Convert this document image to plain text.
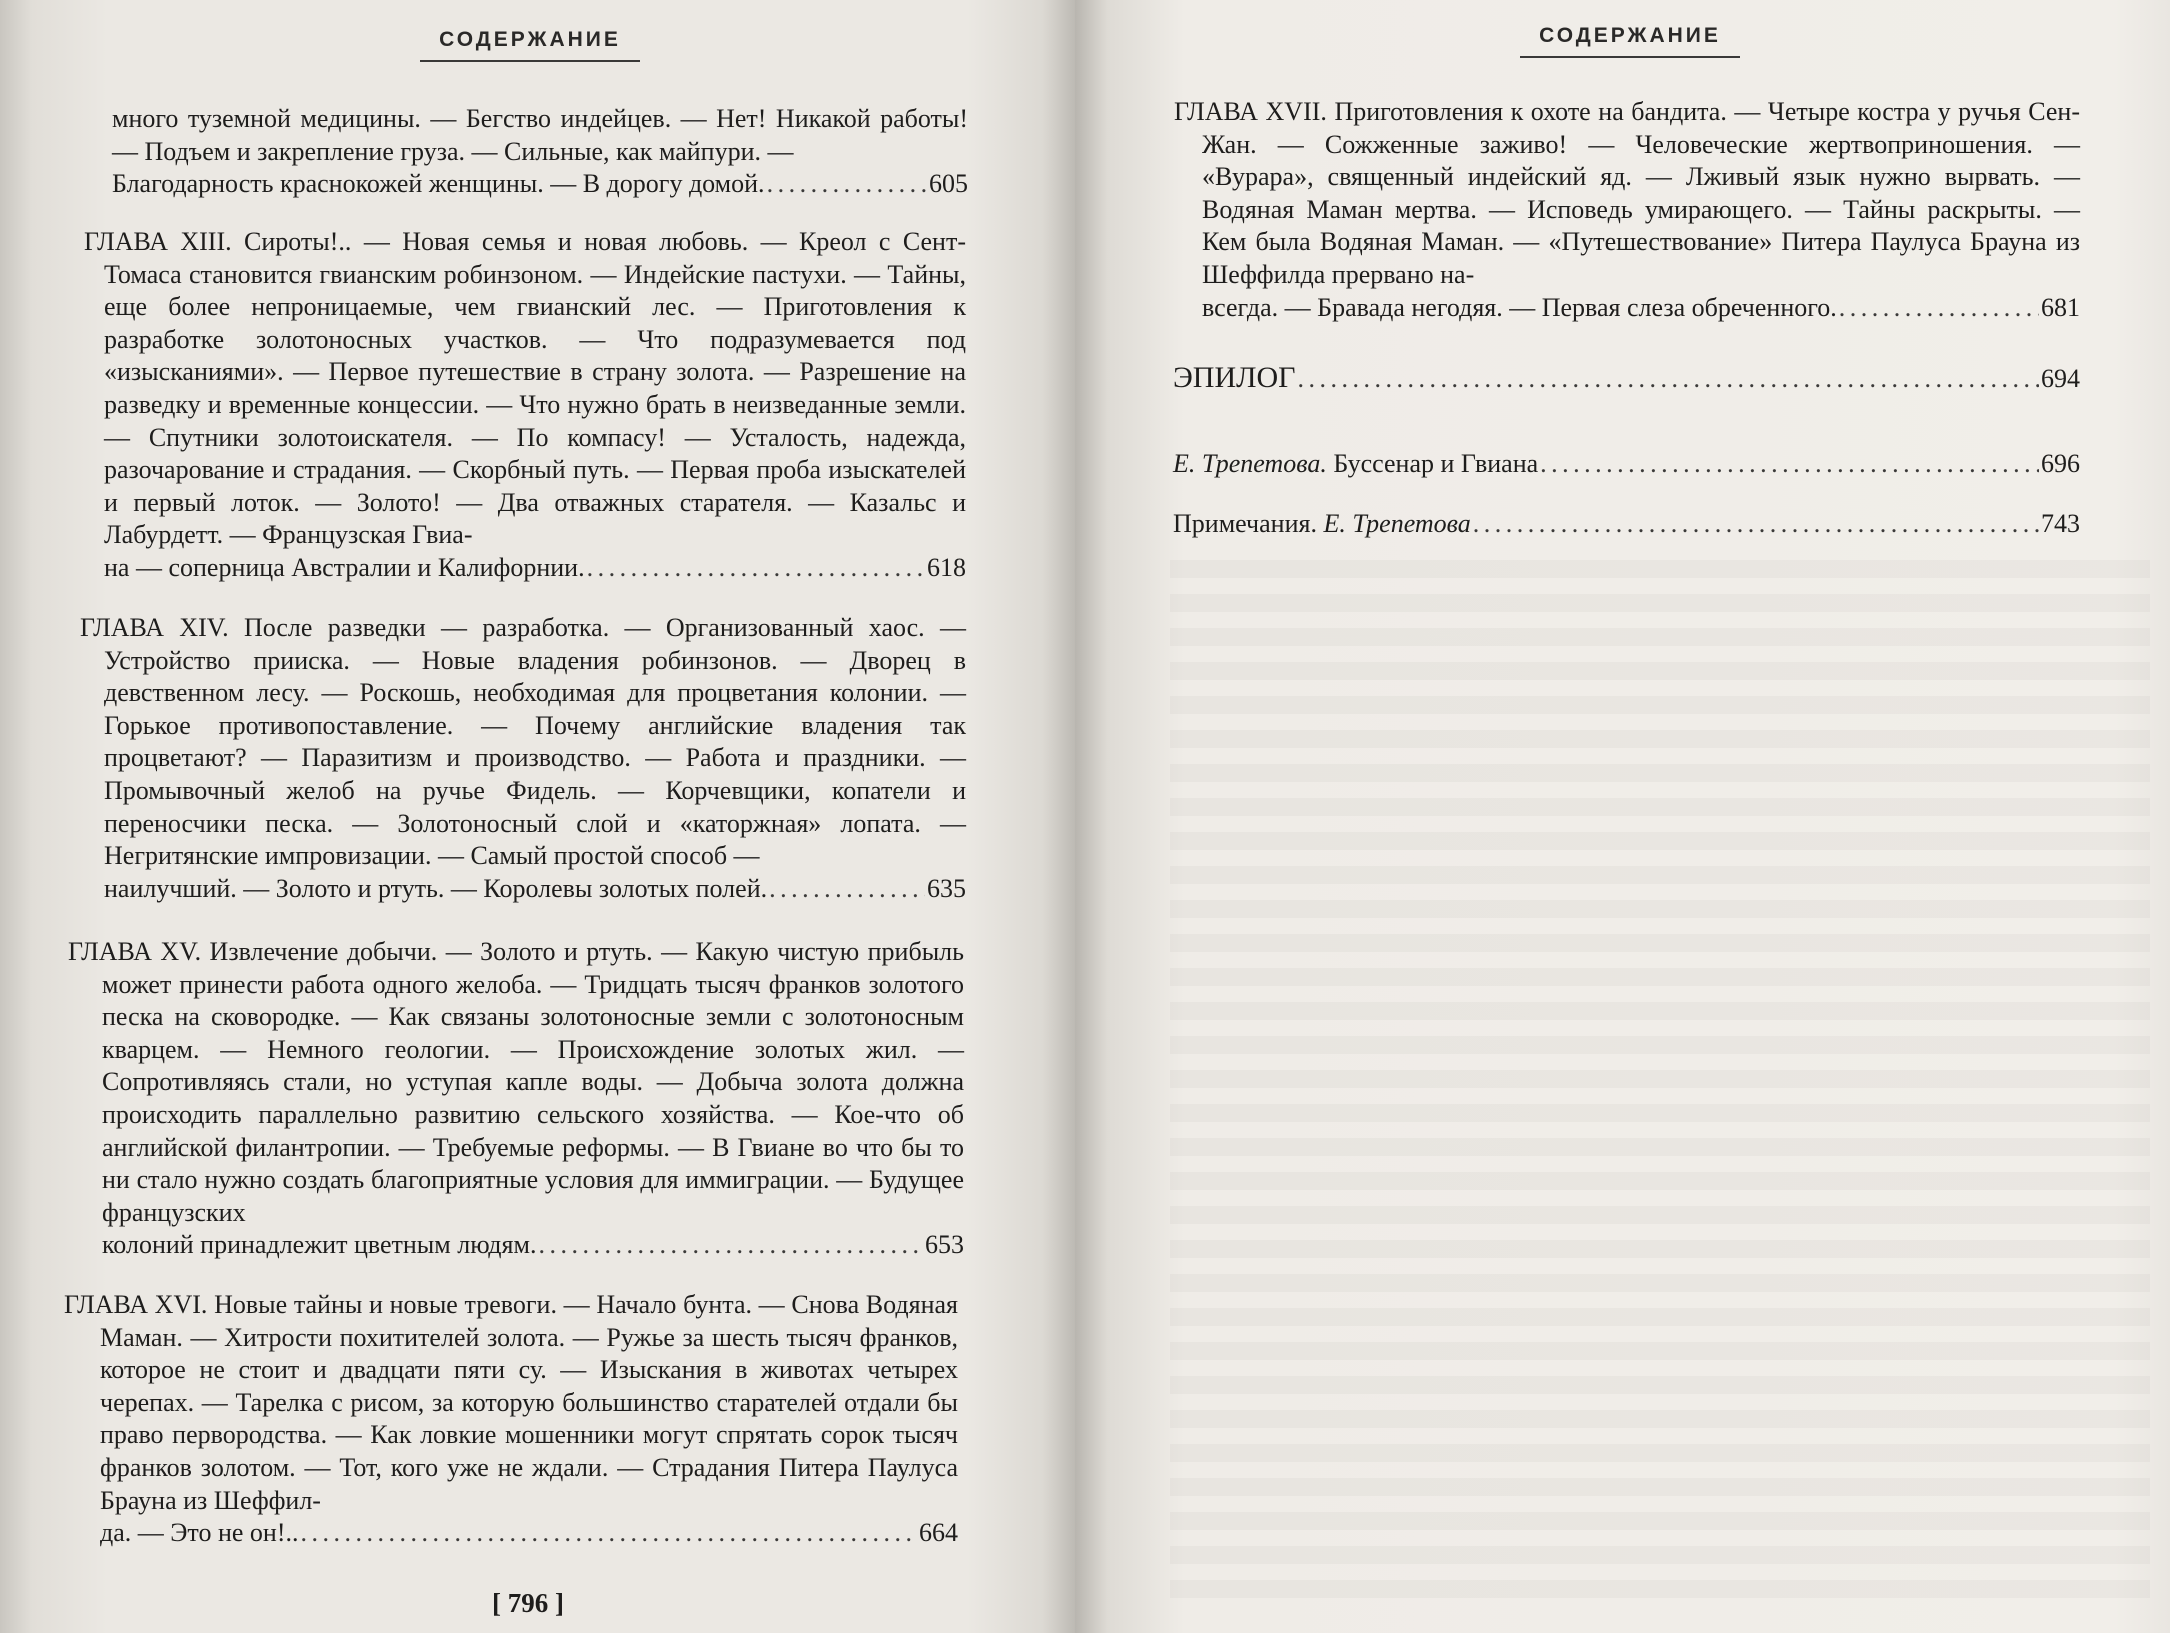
СОДЕРЖАНИЕ
много туземной медицины. — Бегство индейцев. — Нет! Никакой работы! — Подъем и закрепление груза. — Сильные, как майпури. —
Благодарность краснокожей женщины. — В дорогу домой. . . .	605
ГЛАВА XIII. Сироты!.. — Новая семья и новая любовь. — Креол с Сент-Томаса становится гвианским робинзоном. — Индейские пастухи. — Тайны, еще более непроницаемые, чем гвианский лес. — Приготовления к разработке золотоносных участков. — Что подразумевается под «изысканиями». — Первое путешествие в страну золота. — Разрешение на разведку и временные концессии. — Что нужно брать в неизведанные земли. — Спутники золотоискателя. — По компасу! — Усталость, надежда, разочарование и страдания. — Скорбный путь. — Первая проба изыскателей и первый лоток. — Золото! — Два отважных старателя. — Казальс и Лабурдетт. — Французская Гвиа-
на — соперница Австралии и Калифорнии. . . .	618
ГЛАВА XIV. После разведки — разработка. — Организованный хаос. — Устройство прииска. — Новые владения робинзонов. — Дворец в девственном лесу. — Роскошь, необходимая для процветания колонии. — Горькое противопоставление. — Почему английские владения так процветают? — Паразитизм и производство. — Работа и праздники. — Промывочный желоб на ручье Фидель. — Корчевщики, копатели и переносчики песка. — Золотоносный слой и «каторжная» лопата. — Негритянские импровизации. — Самый простой способ —
наилучший. — Золото и ртуть. — Королевы золотых полей. . . .	635
ГЛАВА XV. Извлечение добычи. — Золото и ртуть. — Какую чистую прибыль может принести работа одного желоба. — Тридцать тысяч франков золотого песка на сковородке. — Как связаны золотоносные земли с золотоносным кварцем. — Немного геологии. — Происхождение золотых жил. — Сопротивляясь стали, но уступая капле воды. — Добыча золота должна происходить параллельно развитию сельского хозяйства. — Кое-что об английской филантропии. — Требуемые реформы. — В Гвиане во что бы то ни стало нужно создать благоприятные условия для иммиграции. — Будущее французских
колоний принадлежит цветным людям. . . .	653
ГЛАВА XVI. Новые тайны и новые тревоги. — Начало бунта. — Снова Водяная Маман. — Хитрости похитителей золота. — Ружье за шесть тысяч франков, которое не стоит и двадцати пяти су. — Изыскания в животах четырех черепах. — Тарелка с рисом, за которую большинство старателей отдали бы право первородства. — Как ловкие мошенники могут спрятать сорок тысяч франков золотом. — Тот, кого уже не ждали. — Страдания Питера Паулуса Брауна из Шеффил-
да. — Это не он!.. . . .	664
[ 796 ]
СОДЕРЖАНИЕ
ГЛАВА XVII. Приготовления к охоте на бандита. — Четыре костра у ручья Сен-Жан. — Сожженные заживо! — Человеческие жертвоприношения. — «Вурара», священный индейский яд. — Лживый язык нужно вырвать. — Водяная Маман мертва. — Исповедь умирающего. — Тайны раскрыты. — Кем была Водяная Маман. — «Путешествование» Питера Паулуса Брауна из Шеффилда прервано на-
всегда. — Бравада негодяя. — Первая слеза обреченного. . . .	681
ЭПИЛОГ . . .	694
Е. Трепетова. Буссенар и Гвиана . . .	696
Примечания. Е. Трепетова . . .	743
